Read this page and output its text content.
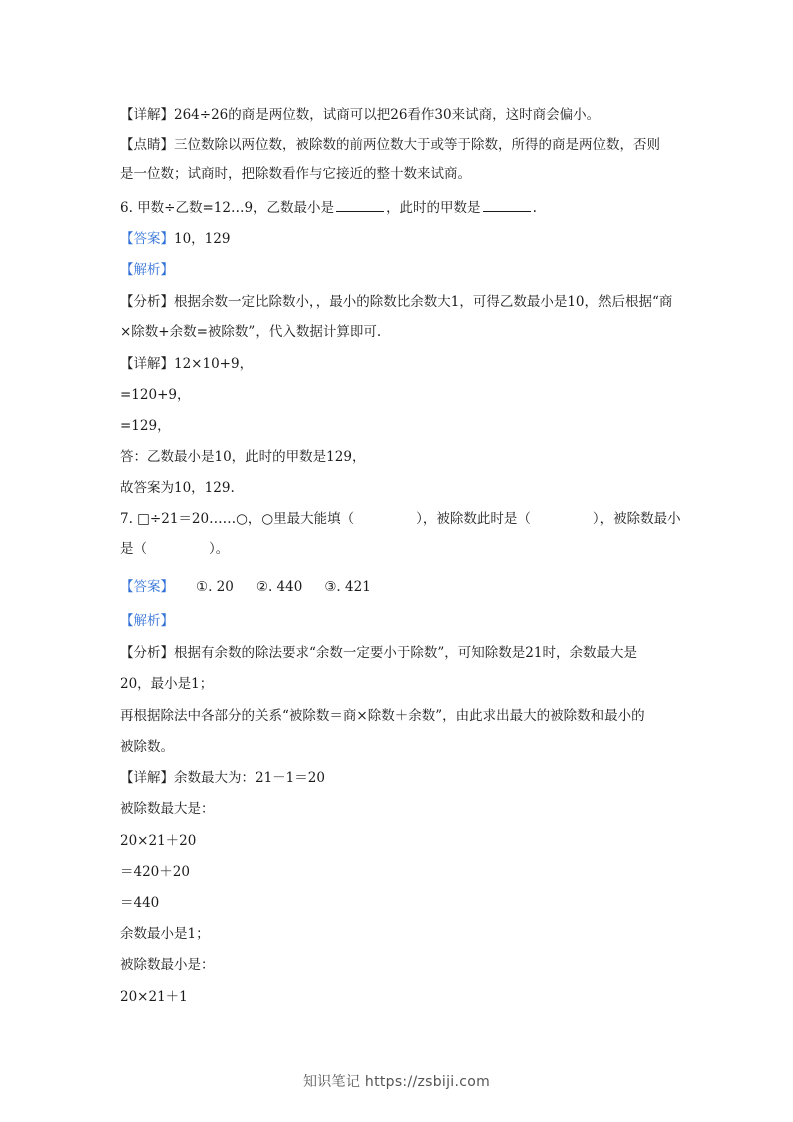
【详解】264÷26的商是两位数，试商可以把26看作30来试商，这时商会偏小。
【点睛】三位数除以两位数，被除数的前两位数大于或等于除数，所得的商是两位数，否则
是一位数；试商时，把除数看作与它接近的整十数来试商。
6. 甲数÷乙数=12…9，乙数最小是	，此时的甲数是	.
【答案】10，129
【解析】
【分析】根据余数一定比除数小，，最小的除数比余数大1，可得乙数最小是10，然后根据“商
×除数+余数=被除数”，代入数据计算即可.
【详解】12×10+9，
=120+9，
=129，
答：乙数最小是10，此时的甲数是129，
故答案为10，129.
7. □÷21＝20……○，○里最大能填（	），被除数此时是（	），被除数最小
是（	）。
【答案】 ①. 20 ②. 440 ③. 421
【解析】
【分析】根据有余数的除法要求“余数一定要小于除数”，可知除数是21时，余数最大是
20，最小是1；
再根据除法中各部分的关系“被除数＝商×除数＋余数”，由此求出最大的被除数和最小的
被除数。
【详解】余数最大为：21－1＝20
被除数最大是：
20×21＋20
＝420＋20
＝440
余数最小是1；
被除数最小是：
20×21＋1
知识笔记 https://zsbiji.com
